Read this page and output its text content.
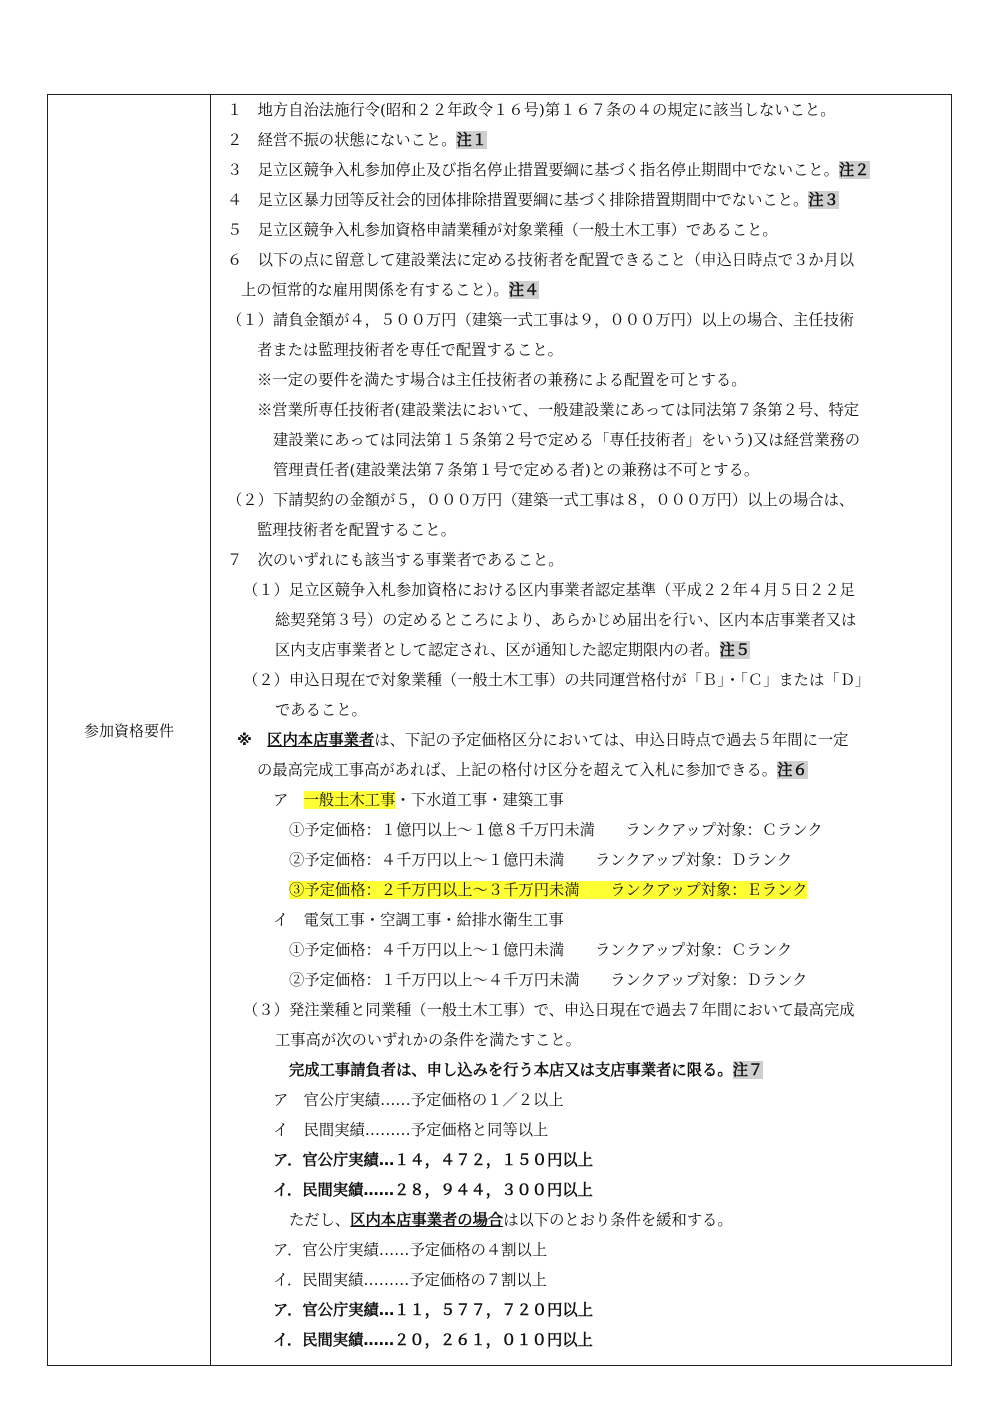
参加資格要件
１　地方自治法施行令(昭和２２年政令１６号)第１６７条の４の規定に該当しないこと。
２　経営不振の状態にないこと。注１
３　足立区競争入札参加停止及び指名停止措置要綱に基づく指名停止期間中でないこと。注２
４　足立区暴力団等反社会的団体排除措置要綱に基づく排除措置期間中でないこと。注３
５　足立区競争入札参加資格申請業種が対象業種（一般土木工事）であること。
６　以下の点に留意して建設業法に定める技術者を配置できること（申込日時点で３か月以
上の恒常的な雇用関係を有すること）。注４
（１）請負金額が４，５００万円（建築一式工事は９，０００万円）以上の場合、主任技術
者または監理技術者を専任で配置すること。
※一定の要件を満たす場合は主任技術者の兼務による配置を可とする。
※営業所専任技術者(建設業法において、一般建設業にあっては同法第７条第２号、特定
建設業にあっては同法第１５条第２号で定める「専任技術者」をいう)又は経営業務の
管理責任者(建設業法第７条第１号で定める者)との兼務は不可とする。
（２）下請契約の金額が５，０００万円（建築一式工事は８，０００万円）以上の場合は、
監理技術者を配置すること。
７　次のいずれにも該当する事業者であること。
（１）足立区競争入札参加資格における区内事業者認定基準（平成２２年４月５日２２足
総契発第３号）の定めるところにより、あらかじめ届出を行い、区内本店事業者又は
区内支店事業者として認定され、区が通知した認定期限内の者。注５
（２）申込日現在で対象業種（一般土木工事）の共同運営格付が「Ｂ」・「Ｃ」または「Ｄ」
であること。
※　区内本店事業者は、下記の予定価格区分においては、申込日時点で過去５年間に一定
の最高完成工事高があれば、上記の格付け区分を超えて入札に参加できる。注６
ア　一般土木工事・下水道工事・建築工事
①予定価格：１億円以上～１億８千万円未満　　ランクアップ対象：Ｃランク
②予定価格：４千万円以上～１億円未満　　ランクアップ対象：Ｄランク
③予定価格：２千万円以上～３千万円未満　　ランクアップ対象：Ｅランク
イ　電気工事・空調工事・給排水衛生工事
①予定価格：４千万円以上～１億円未満　　ランクアップ対象：Ｃランク
②予定価格：１千万円以上～４千万円未満　　ランクアップ対象：Ｄランク
（３）発注業種と同業種（一般土木工事）で、申込日現在で過去７年間において最高完成
工事高が次のいずれかの条件を満たすこと。
完成工事請負者は、申し込みを行う本店又は支店事業者に限る。注７
ア　官公庁実績……予定価格の１／２以上
イ　民間実績………予定価格と同等以上
ア．官公庁実績…１４，４７２，１５０円以上
イ．民間実績……２８，９４４，３００円以上
ただし、区内本店事業者の場合は以下のとおり条件を緩和する。
ア．官公庁実績……予定価格の４割以上
イ．民間実績………予定価格の７割以上
ア．官公庁実績…１１，５７７，７２０円以上
イ．民間実績……２０，２６１，０１０円以上
